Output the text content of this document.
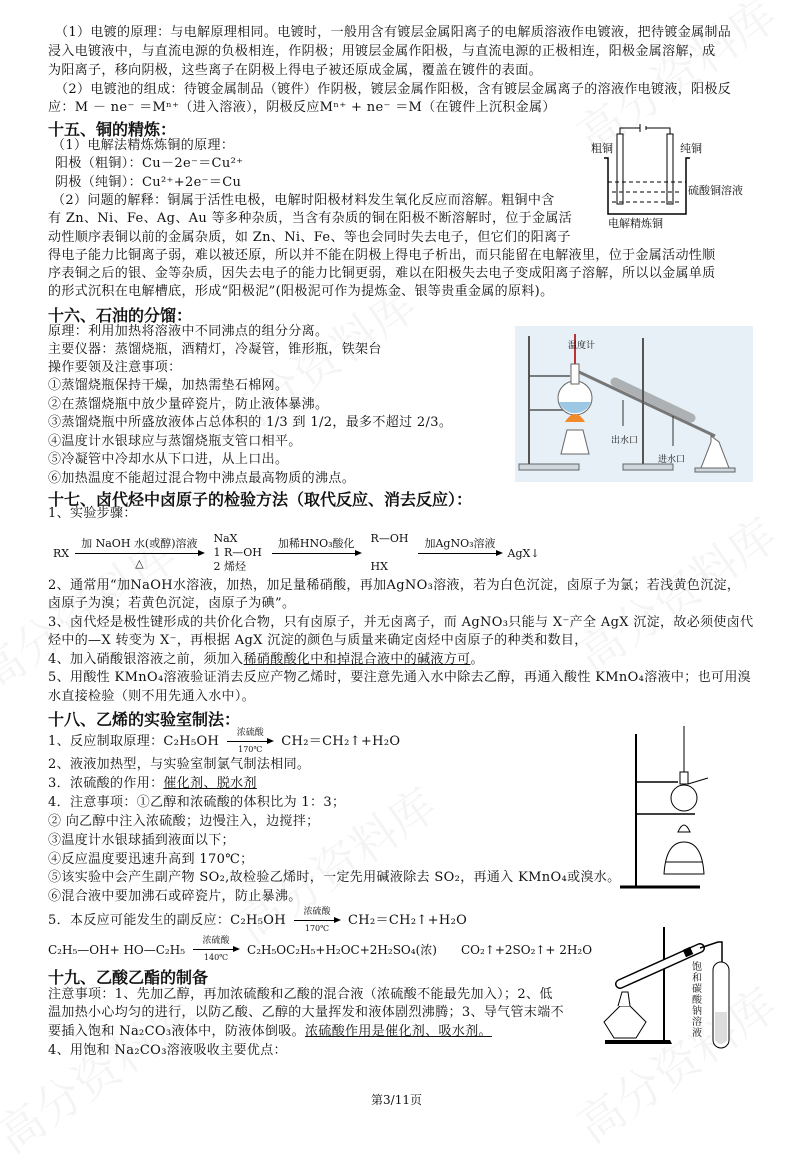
（1）电镀的原理：与电解原理相同。电镀时，一般用含有镀层金属阳离子的电解质溶液作电镀液，把待镀金属制品
浸入电镀液中，与直流电源的负极相连，作阴极；用镀层金属作阳极，与直流电源的正极相连，阳极金属溶解，成
为阳离子，移向阴极，这些离子在阴极上得电子被还原成金属，覆盖在镀件的表面。
（2）电镀池的组成：待镀金属制品（镀件）作阴极，镀层金属作阳极，含有镀层金属离子的溶液作电镀液，阳极反
应：M － ne⁻ ＝Mⁿ⁺（进入溶液），阴极反应Mⁿ⁺ + ne⁻ ＝M（在镀件上沉积金属）
十五、铜的精炼：
（1）电解法精炼炼铜的原理：
阳极（粗铜）：Cu－2e⁻＝Cu²⁺
阴极（纯铜）：Cu²⁺+2e⁻＝Cu
（2）问题的解释：铜属于活性电极，电解时阳极材料发生氧化反应而溶解。粗铜中含
有 Zn、Ni、Fe、Ag、Au 等多种杂质，当含有杂质的铜在阳极不断溶解时，位于金属活
动性顺序表铜以前的金属杂质，如 Zn、Ni、Fe、等也会同时失去电子，但它们的阳离子
得电子能力比铜离子弱，难以被还原，所以并不能在阴极上得电子析出，而只能留在电解液里，位于金属活动性顺
序表铜之后的银、金等杂质，因失去电子的能力比铜更弱，难以在阳极失去电子变成阳离子溶解，所以以金属单质
的形式沉积在电解槽底，形成“阳极泥”(阳极泥可作为提炼金、银等贵重金属的原料)。
粗铜	纯铜
硫酸铜溶液
电解精炼铜
十六、石油的分馏：
原理：利用加热将溶液中不同沸点的组分分离。
主要仪器：蒸馏烧瓶，酒精灯，冷凝管，锥形瓶，铁架台
操作要领及注意事项：
①蒸馏烧瓶保持干燥，加热需垫石棉网。
②在蒸馏烧瓶中放少量碎瓷片，防止液体暴沸。
③蒸馏烧瓶中所盛放液体占总体积的 1/3 到 1/2，最多不超过 2/3。
④温度计水银球应与蒸馏烧瓶支管口相平。
⑤冷凝管中冷却水从下口进，从上口出。
⑥加热温度不能超过混合物中沸点最高物质的沸点。
温度计
出水口
进水口
十七、卤代烃中卤原子的检验方法（取代反应、消去反应）：
1、实验步骤：
RX
加 NaOH 水(或醇)溶液
△
NaX
1 R—OH
2 烯烃
加稀HNO₃酸化
	R—OH

HX
加AgNO₃溶液

AgX↓
2、通常用“加NaOH水溶液，加热，加足量稀硝酸，再加AgNO₃溶液，若为白色沉淀，卤原子为氯；若浅黄色沉淀，
卤原子为溴；若黄色沉淀，卤原子为碘”。
3、卤代烃是极性键形成的共价化合物，只有卤原子，并无卤离子，而 AgNO₃只能与 X⁻产全 AgX 沉淀，故必须使卤代
烃中的—X 转变为 X⁻，再根据 AgX 沉淀的颜色与质量来确定卤烃中卤原子的种类和数目，
4、加入硝酸银溶液之前，须加入稀硝酸酸化中和掉混合液中的碱液方可。
5、用酸性 KMnO₄溶液验证消去反应产物乙烯时，要注意先通入水中除去乙醇，再通入酸性 KMnO₄溶液中；也可用溴
水直接检验（则不用先通入水中）。
十八、乙烯的实验室制法：
1、反应制取原理：C₂H₅OH
浓硫酸
170℃
CH₂＝CH₂↑+H₂O
2、液液加热型，与实验室制氯气制法相同。
3．浓硫酸的作用：催化剂、脱水剂
4．注意事项：①乙醇和浓硫酸的体积比为 1：3；
② 向乙醇中注入浓硫酸；边慢注入，边搅拌；
③温度计水银球插到液面以下；
④反应温度要迅速升高到 170℃；
⑤该实验中会产生副产物 SO₂,故检验乙烯时，一定先用碱液除去 SO₂，再通入 KMnO₄或溴水。
⑥混合液中要加沸石或碎瓷片，防止暴沸。
5．本反应可能发生的副反应：C₂H₅OH
浓硫酸
170℃
CH₂＝CH₂↑+H₂O
C₂H₅—OH+ HO—C₂H₅
浓硫酸
140℃
C₂H₅OC₂H₅+H₂OC+2H₂SO₄(浓) CO₂↑+2SO₂↑+ 2H₂O
十九、乙酸乙酯的制备
注意事项：1、先加乙醇，再加浓硫酸和乙酸的混合液（浓硫酸不能最先加入）；2、低
温加热小心均匀的进行，以防乙酸、乙醇的大量挥发和液体剧烈沸腾；3、导气管末端不
要插入饱和 Na₂CO₃液体中，防液体倒吸。浓硫酸作用是催化剂、吸水剂。
4、用饱和 Na₂CO₃溶液吸收主要优点：
饱和碳酸钠溶液
第3/11页
